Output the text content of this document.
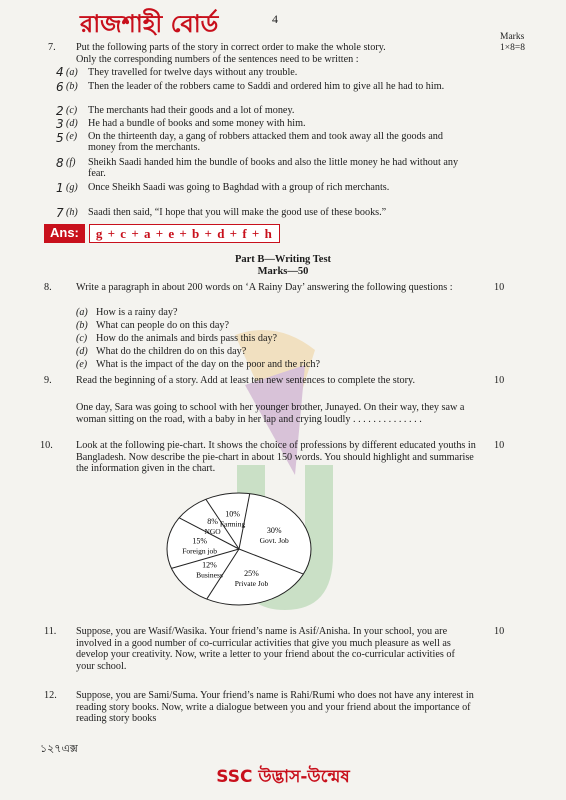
রাজশাহী বোর্ড	4
Marks
1×8=8
7. Put the following parts of the story in correct order to make the whole story.
Only the corresponding numbers of the sentences need to be written :
4 (a) They travelled for twelve days without any trouble.
6 (b) Then the leader of the robbers came to Saddi and ordered him to give all he had to him.
2 (c) The merchants had their goods and a lot of money.
3 (d) He had a bundle of books and some money with him.
5 (e) On the thirteenth day, a gang of robbers attacked them and took away all the goods and money from the merchants.
8 (f) Sheikh Saadi handed him the bundle of books and also the little money he had without any fear.
1 (g) Once Sheikh Saadi was going to Baghdad with a group of rich merchants.
7 (h) Saadi then said, “I hope that you will make the good use of these books.”
Ans:	g + c + a + e + b + d + f + h
Part B—Writing Test
Marks—50
8. Write a paragraph in about 200 words on ‘A Rainy Day’ answering the following questions :	10
(a) How is a rainy day?
(b) What can people do on this day?
(c) How do the animals and birds pass this day?
(d) What do the children do on this day?
(e) What is the impact of the day on the poor and the rich?
9. Read the beginning of a story. Add at least ten new sentences to complete the story.	10
One day, Sara was going to school with her younger brother, Junayed. On their way, they saw a woman sitting on the road, with a baby in her lap and crying loudly . . . . . . . . . . . . . .
10. Look at the following pie-chart. It shows the choice of professions by different educated youths in Bangladesh. Now describe the pie-chart in about 150 words. You should highlight and summarise the information given in the chart.
10
30%
Govt. Job
25%
Private Job
12%
Business
15%
Foreign job
8%
NGO
10%
Farming
11. Suppose, you are Wasif/Wasika. Your friend’s name is Asif/Anisha. In your school, you are involved in a good number of co-curricular activities that give you much pleasure as well as develop your creativity. Now, write a letter to your friend about the co-curricular activities of your school.
10
12. Suppose, you are Sami/Suma. Your friend’s name is Rahi/Rumi who does not have any interest in reading story books. Now, write a dialogue between you and your friend about the importance of reading story books
১২৭এক্স
SSC উদ্ভাস-উন্মেষ
